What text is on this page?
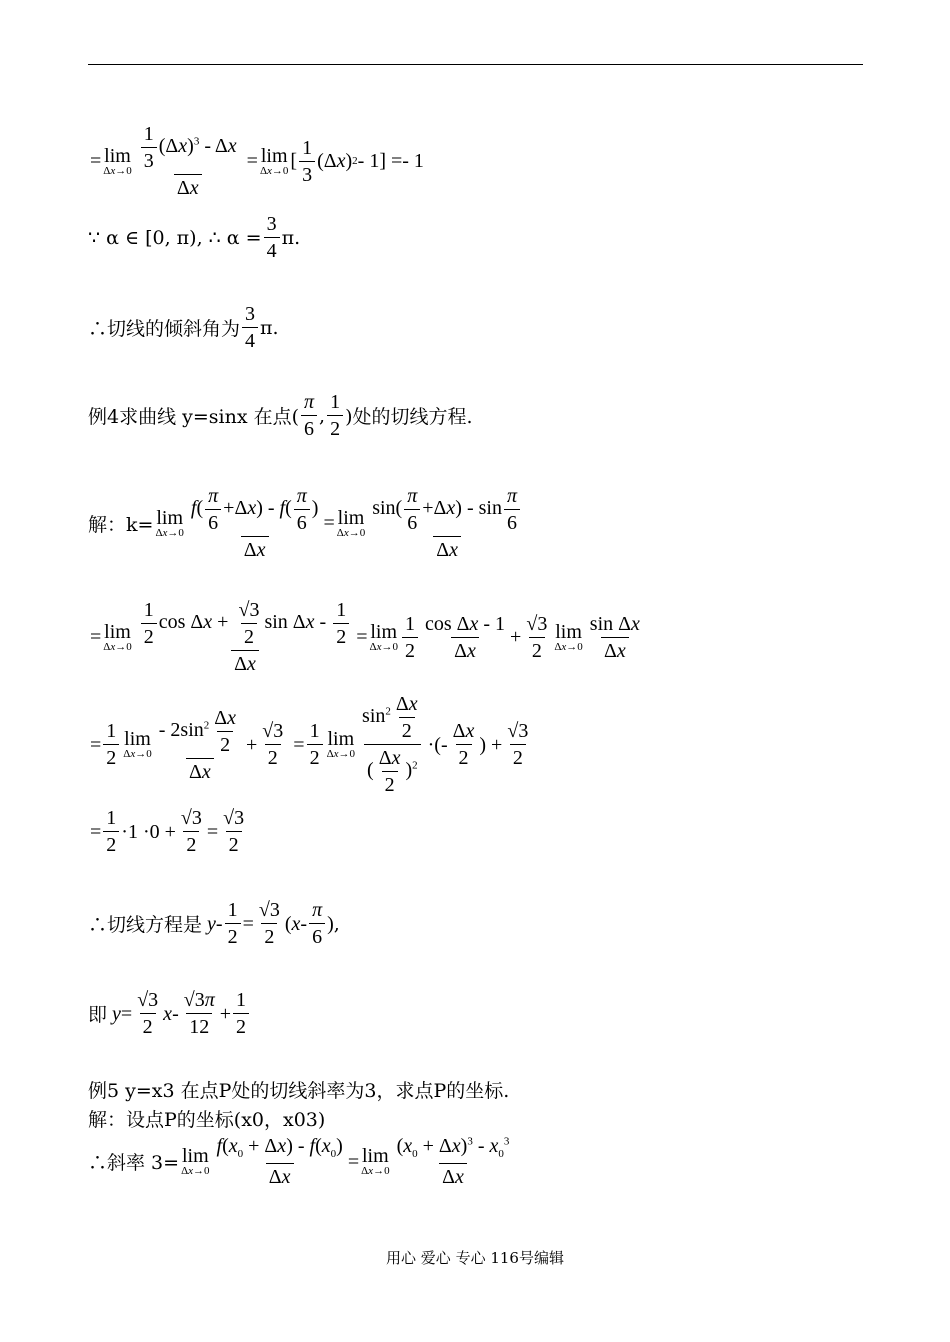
= lim
$\Delta x\to 0 \frac{1}{3} (\Delta x)^3 - \Delta x$
Δx
= lim
Δx→0 [
1
3
(Δ x ) 2 - 1] =- 1
∵ α ∈ [0, π), ∴ $\alpha = \frac{3}{4} \pi$.
∴切线的倾斜角为
3
4
π.
例4求曲线 y=sinx 在点(
π
6
,
1
2
)处的切线方程.
解：k= lim
Δx→0
$f( \frac{\pi}{6} +\Delta x) - f( \frac{\pi}{6}$ )
Δx
= lim
Δx→0
$\sin( \frac{\pi}{6} +\Delta x) - \sin \frac{\pi}{6}$
Δx
= lim
$\Delta x\to 0 \frac{1}{2}$ $\cos \Delta x + \frac{√3}{2}$ sin Δx - $\frac{1}{2}$
Δx
= lim
Δx→0
1
2
cos Δx - 1
Δx
+
√3
2
lim
Δx→0
sin Δx
Δx
=
1
2
lim
Δx→0
- $2\sin^2 \frac{\Delta x}{2}$
Δx
+
√3
2
=
1
2
lim
Δx→0
$\sin^2 \frac{\Delta x}{2}$
( $\frac{\Delta x}{2} )^2$
·(-
Δx
2
) +
√3
2
=
1
2
·1 ·0 +
√3
2
=
√3
2
∴切线方程是
y -
1
2
=
√3
2
( x -
π
6
) ,
即
y =
√3
2
x -
√3π
12
+
1
2
例5 y=x3 在点P处的切线斜率为3，求点P的坐标.
解：设点P的坐标(x0，x03)
∴斜率 3= lim
Δx→0
$f(x_0 + \Delta x) - f(x_0)$
Δx
= lim
Δx→0
$(x_0 + \Delta x)^3 - x_0^3$
Δx
用心 爱心 专心 116号编辑
